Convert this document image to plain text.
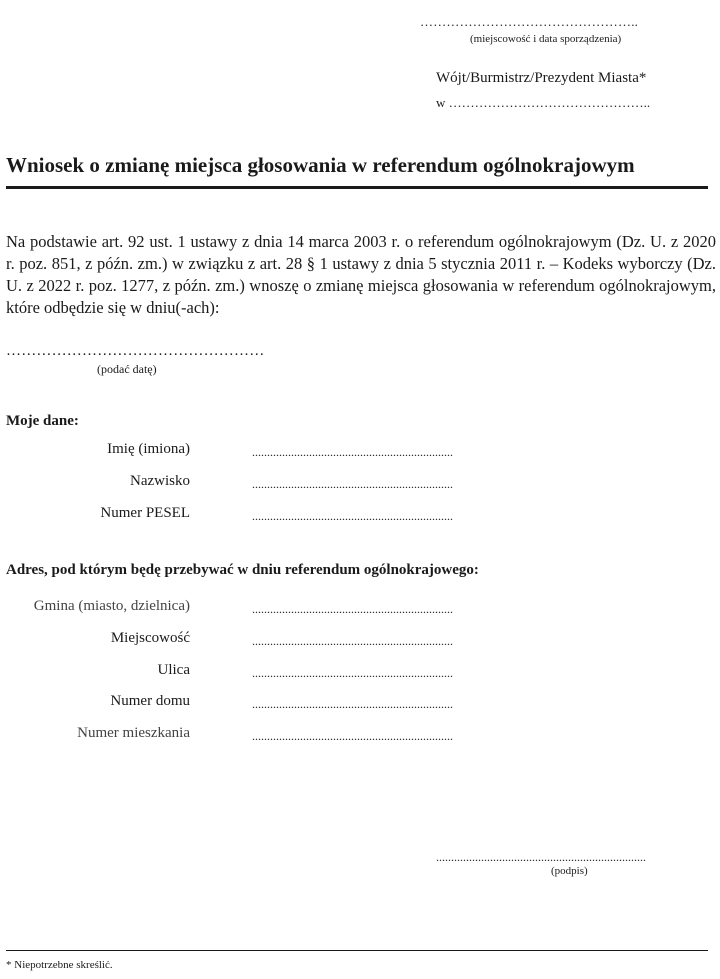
…………………………………………..
(miejscowość i data sporządzenia)
Wójt/Burmistrz/Prezydent Miasta*
w ………………………………………..
Wniosek o zmianę miejsca głosowania w referendum ogólnokrajowym
Na podstawie art. 92 ust. 1 ustawy z dnia 14 marca 2003 r. o referendum ogólnokrajowym (Dz. U. z 2020 r. poz. 851, z późn. zm.) w związku z art. 28 § 1 ustawy z dnia 5 stycznia 2011 r. – Kodeks wyborczy (Dz. U. z 2022 r. poz. 1277, z późn. zm.) wnoszę o zmianę miejsca głosowania w referendum ogólnokrajowym, które odbędzie się w dniu(-ach):
……………………………………………
(podać datę)
Moje dane:
Imię (imiona)	...................................................................
Nazwisko	...................................................................
Numer PESEL	...................................................................
Adres, pod którym będę przebywać w dniu referendum ogólnokrajowego:
Gmina (miasto, dzielnica)	...................................................................
Miejscowość	...................................................................
Ulica	...................................................................
Numer domu	...................................................................
Numer mieszkania	...................................................................
......................................................................
(podpis)
* Niepotrzebne skreślić.
